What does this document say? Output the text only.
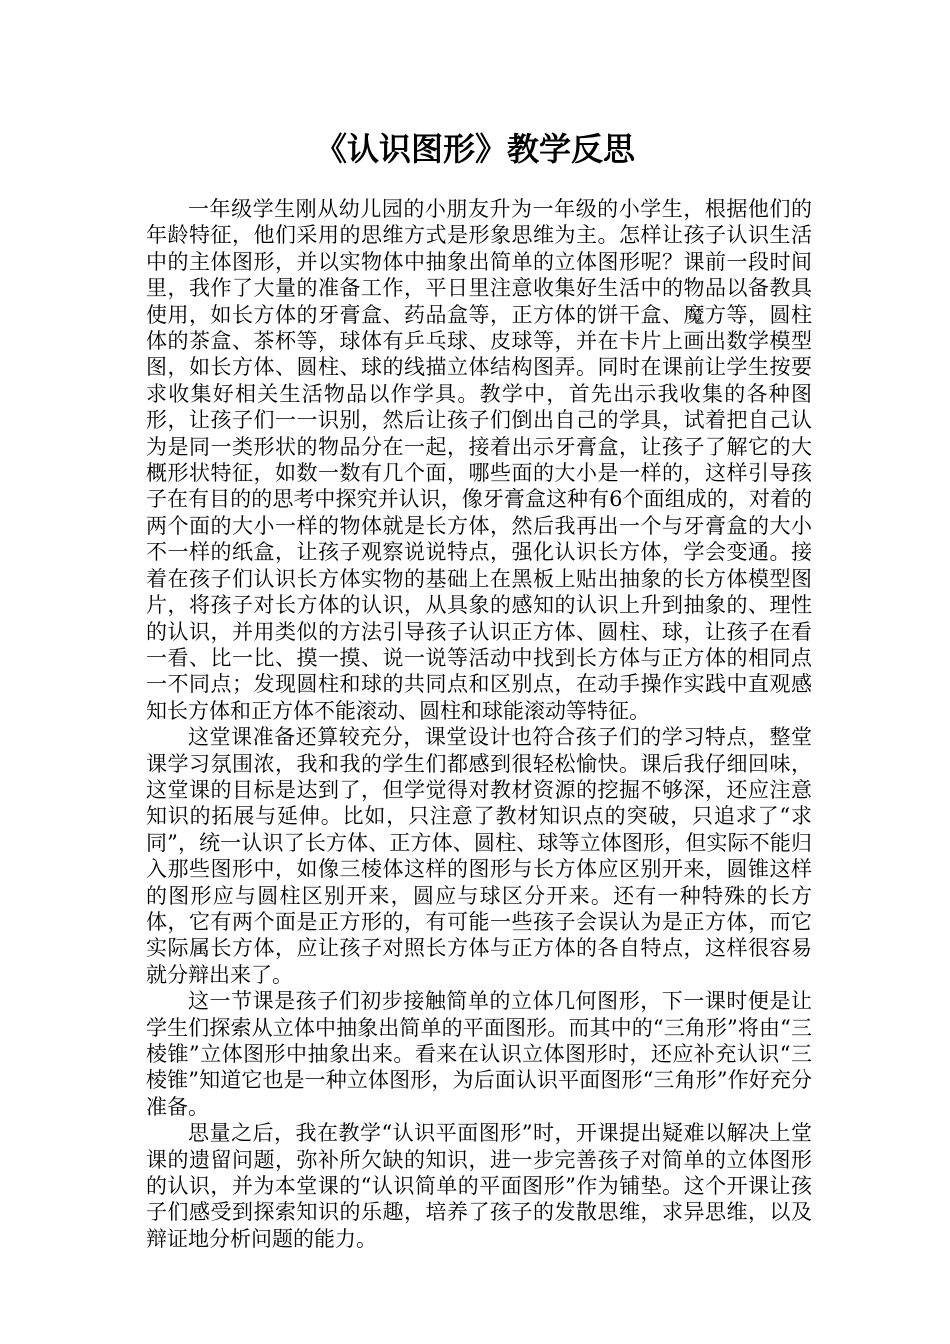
《认识图形》教学反思

一年级学生刚从幼儿园的小朋友升为一年级的小学生，根据他们的年龄特征，他们采用的思维方式是形象思维为主。怎样让孩子认识生活中的主体图形，并以实物体中抽象出简单的立体图形呢？课前一段时间里，我作了大量的准备工作，平日里注意收集好生活中的物品以备教具使用，如长方体的牙膏盒、药品盒等，正方体的饼干盒、魔方等，圆柱体的茶盒、茶杯等，球体有乒乓球、皮球等，并在卡片上画出数学模型图，如长方体、圆柱、球的线描立体结构图弄。同时在课前让学生按要求收集好相关生活物品以作学具。教学中，首先出示我收集的各种图形，让孩子们一一识别，然后让孩子们倒出自己的学具，试着把自己认为是同一类形状的物品分在一起，接着出示牙膏盒，让孩子了解它的大概形状特征，如数一数有几个面，哪些面的大小是一样的，这样引导孩子在有目的的思考中探究并认识，像牙膏盒这种有6个面组成的，对着的两个面的大小一样的物体就是长方体，然后我再出一个与牙膏盒的大小不一样的纸盒，让孩子观察说说特点，强化认识长方体，学会变通。接着在孩子们认识长方体实物的基础上在黑板上贴出抽象的长方体模型图片，将孩子对长方体的认识，从具象的感知的认识上升到抽象的、理性的认识，并用类似的方法引导孩子认识正方体、圆柱、球，让孩子在看一看、比一比、摸一摸、说一说等活动中找到长方体与正方体的相同点一不同点；发现圆柱和球的共同点和区别点，在动手操作实践中直观感知长方体和正方体不能滚动、圆柱和球能滚动等特征。

这堂课准备还算较充分，课堂设计也符合孩子们的学习特点，整堂课学习氛围浓，我和我的学生们都感到很轻松愉快。课后我仔细回味，这堂课的目标是达到了，但学觉得对教材资源的挖掘不够深，还应注意知识的拓展与延伸。比如，只注意了教材知识点的突破，只追求了“求同”，统一认识了长方体、正方体、圆柱、球等立体图形，但实际不能归入那些图形中，如像三棱体这样的图形与长方体应区别开来，圆锥这样的图形应与圆柱区别开来，圆应与球区分开来。还有一种特殊的长方体，它有两个面是正方形的，有可能一些孩子会误认为是正方体，而它实际属长方体，应让孩子对照长方体与正方体的各自特点，这样很容易就分辩出来了。

这一节课是孩子们初步接触简单的立体几何图形，下一课时便是让学生们探索从立体中抽象出简单的平面图形。而其中的“三角形”将由“三棱锥”立体图形中抽象出来。看来在认识立体图形时，还应补充认识“三棱锥”知道它也是一种立体图形，为后面认识平面图形“三角形”作好充分准备。

思量之后，我在教学“认识平面图形”时，开课提出疑难以解决上堂课的遗留问题，弥补所欠缺的知识，进一步完善孩子对简单的立体图形的认识，并为本堂课的“认识简单的平面图形”作为铺垫。这个开课让孩子们感受到探索知识的乐趣，培养了孩子的发散思维，求异思维，以及辩证地分析问题的能力。
